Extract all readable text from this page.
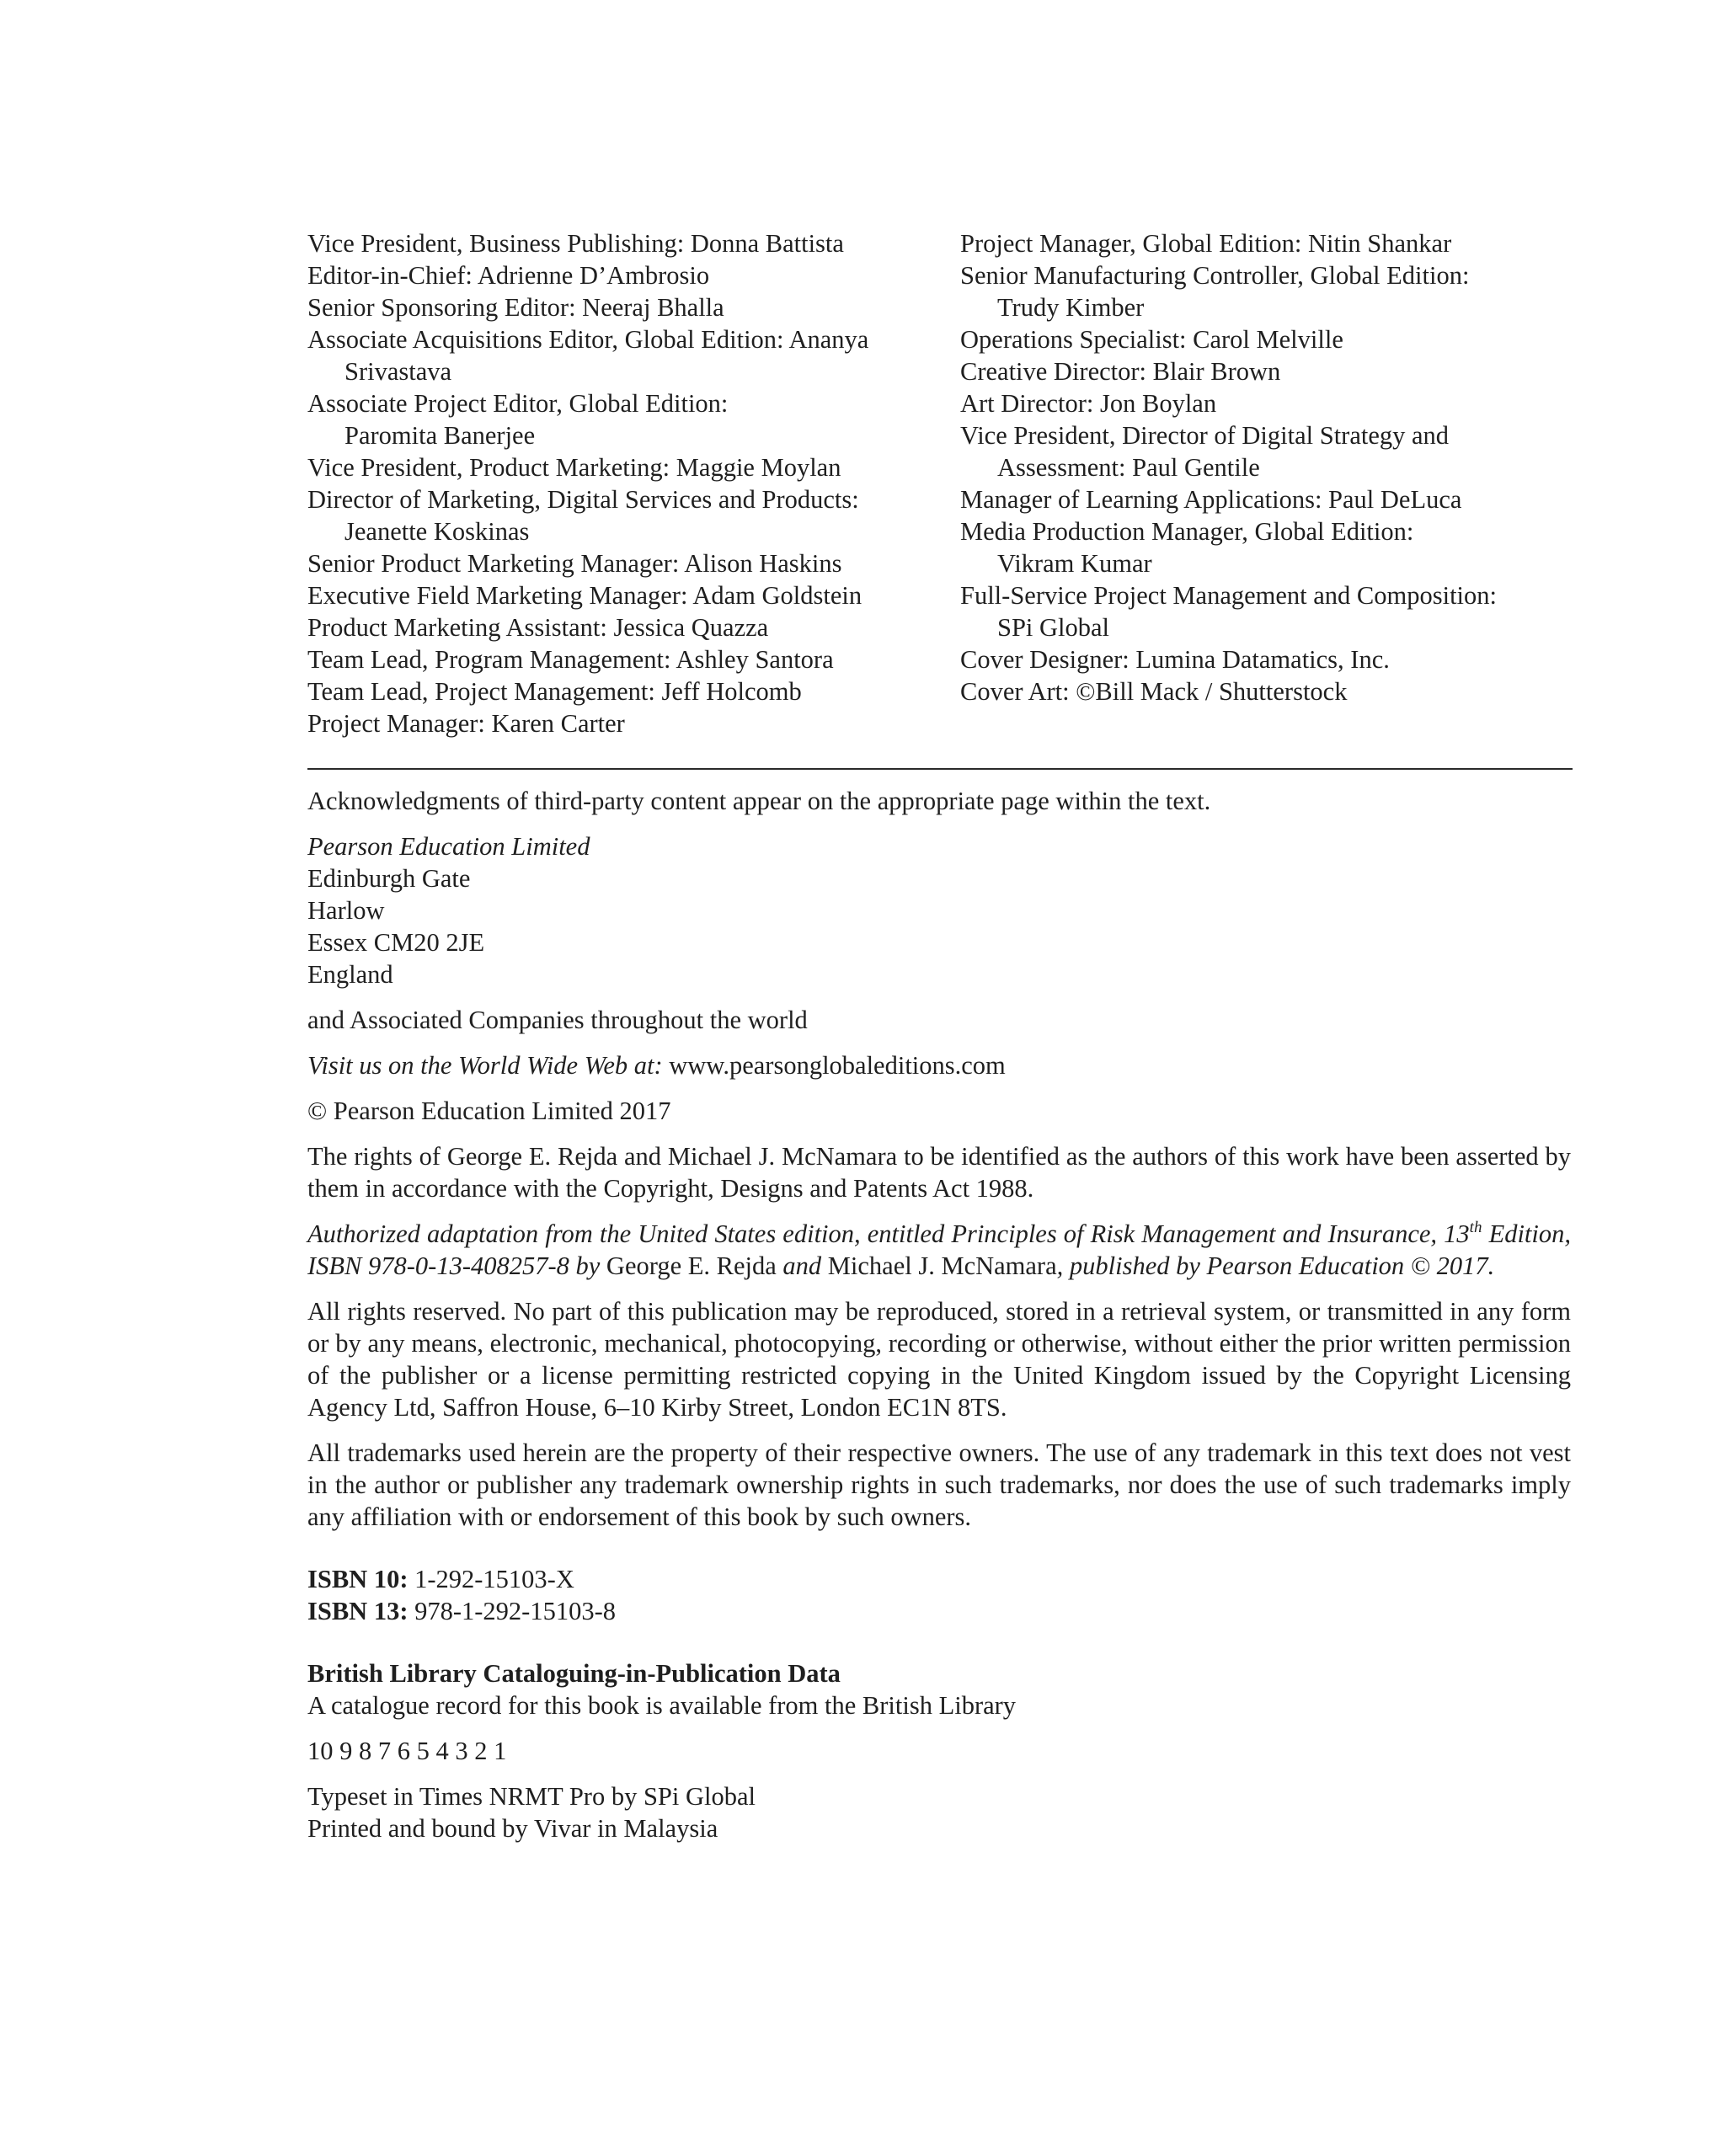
Vice President, Business Publishing: Donna Battista
Editor-in-Chief: Adrienne D’Ambrosio
Senior Sponsoring Editor: Neeraj Bhalla
Associate Acquisitions Editor, Global Edition: Ananya
Srivastava
Associate Project Editor, Global Edition:
Paromita Banerjee
Vice President, Product Marketing: Maggie Moylan
Director of Marketing, Digital Services and Products:
Jeanette Koskinas
Senior Product Marketing Manager: Alison Haskins
Executive Field Marketing Manager: Adam Goldstein
Product Marketing Assistant: Jessica Quazza
Team Lead, Program Management: Ashley Santora
Team Lead, Project Management: Jeff Holcomb
Project Manager: Karen Carter
Project Manager, Global Edition: Nitin Shankar
Senior Manufacturing Controller, Global Edition:
Trudy Kimber
Operations Specialist: Carol Melville
Creative Director: Blair Brown
Art Director: Jon Boylan
Vice President, Director of Digital Strategy and
Assessment: Paul Gentile
Manager of Learning Applications: Paul DeLuca
Media Production Manager, Global Edition:
Vikram Kumar
Full-Service Project Management and Composition:
SPi Global
Cover Designer: Lumina Datamatics, Inc.
Cover Art: ©Bill Mack / Shutterstock

Acknowledgments of third-party content appear on the appropriate page within the text.

Pearson Education Limited

Edinburgh Gate

Harlow

Essex CM20 2JE

England

and Associated Companies throughout the world

Visit us on the World Wide Web at: www.pearsonglobaleditions.com

© Pearson Education Limited 2017

The rights of George E. Rejda and Michael J. McNamara to be identified as the authors of this work have been asserted by them in accordance with the Copyright, Designs and Patents Act 1988.

Authorized adaptation from the United States edition, entitled Principles of Risk Management and Insurance, 13th Edition, ISBN 978-0-13-408257-8 by George E. Rejda and Michael J. McNamara, published by Pearson Education © 2017.

All rights reserved. No part of this publication may be reproduced, stored in a retrieval system, or transmitted in any form or by any means, electronic, mechanical, photocopying, recording or otherwise, without either the prior written permission of the publisher or a license permitting restricted copying in the United Kingdom issued by the Copyright Licensing Agency Ltd, Saffron House, 6–10 Kirby Street, London EC1N 8TS.

All trademarks used herein are the property of their respective owners. The use of any trademark in this text does not vest in the author or publisher any trademark ownership rights in such trademarks, nor does the use of such trademarks imply any affiliation with or endorsement of this book by such owners.

ISBN 10: 1-292-15103-X

ISBN 13: 978-1-292-15103-8

British Library Cataloguing-in-Publication Data

A catalogue record for this book is available from the British Library

10 9 8 7 6 5 4 3 2 1

Typeset in Times NRMT Pro by SPi Global

Printed and bound by Vivar in Malaysia
